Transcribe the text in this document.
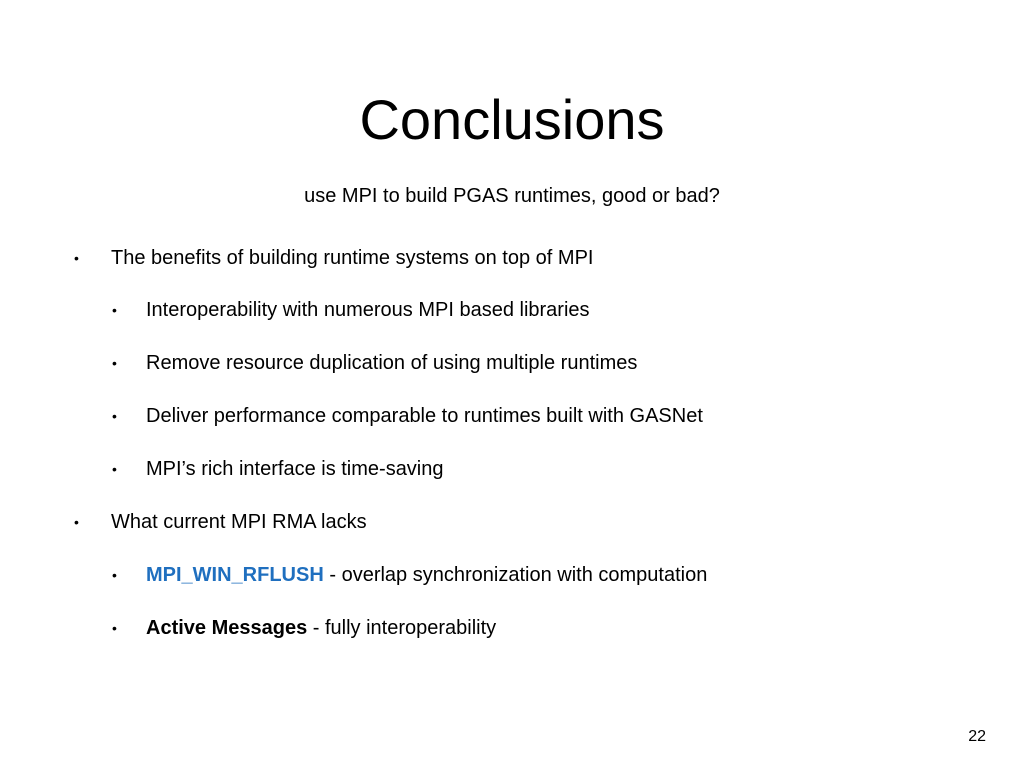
Conclusions
use MPI to build PGAS runtimes, good or bad?
• The benefits of building runtime systems on top of MPI
• Interoperability with numerous MPI based libraries
• Remove resource duplication of using multiple runtimes
• Deliver performance comparable to runtimes built with GASNet
• MPI’s rich interface is time-saving
• What current MPI RMA lacks
• MPI_WIN_RFLUSH - overlap synchronization with computation
• Active Messages - fully interoperability
22
